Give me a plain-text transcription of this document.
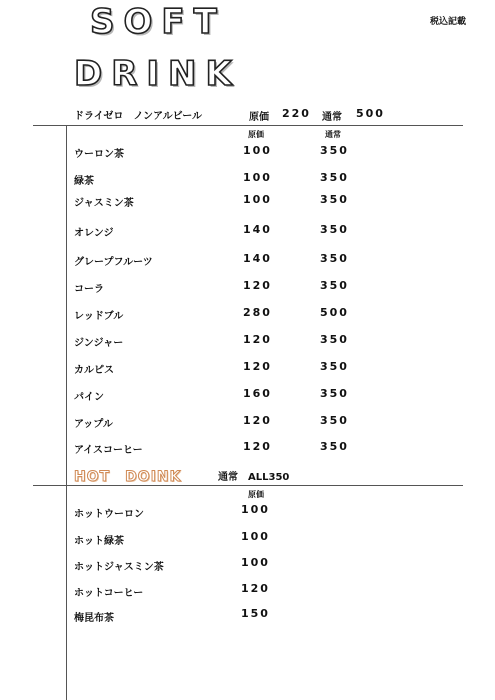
SOFT
DRINK
税込記載
ドライゼロ　ノンアルビール	原価 220 通常 500
原価	通常
ウーロン茶	100	350
緑茶	100	350
ジャスミン茶	100	350
オレンジ	140	350
グレープフルーツ	140	350
コーラ	120	350
レッドブル	280	500
ジンジャー	120	350
カルピス	120	350
パイン	160	350
アップル	120	350
アイスコーヒー	120	350
HOT　DOINK	通常　ALL350
原価
ホットウーロン	100
ホット緑茶	100
ホットジャスミン茶	100
ホットコーヒー	120
梅昆布茶	150
